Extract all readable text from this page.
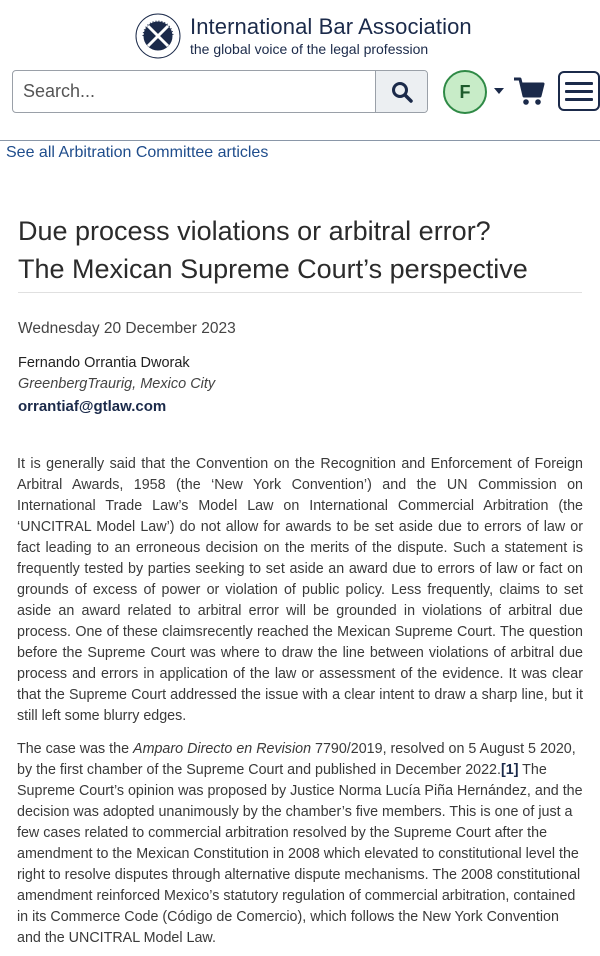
International Bar Association
the global voice of the legal profession
Search...
F
See all Arbitration Committee articles
Due process violations or arbitral error?
The Mexican Supreme Court’s perspective
Wednesday 20 December 2023
Fernando Orrantia Dworak
GreenbergTraurig, Mexico City
orrantiaf@gtlaw.com

It is generally said that the Convention on the Recognition and Enforcement of Foreign Arbitral Awards, 1958 (the ‘New York Convention’) and the UN Commission on International Trade Law’s Model Law on International Commercial Arbitration (the ‘UNCITRAL Model Law’) do not allow for awards to be set aside due to errors of law or fact leading to an erroneous decision on the merits of the dispute. Such a statement is frequently tested by parties seeking to set aside an award due to errors of law or fact on grounds of excess of power or violation of public policy. Less frequently, claims to set aside an award related to arbitral error will be grounded in violations of arbitral due process. One of these claimsrecently reached the Mexican Supreme Court. The question before the Supreme Court was where to draw the line between violations of arbitral due process and errors in application of the law or assessment of the evidence. It was clear that the Supreme Court addressed the issue with a clear intent to draw a sharp line, but it still left some blurry edges.

The case was the Amparo Directo en Revision 7790/2019, resolved on 5 August 5 2020, by the first chamber of the Supreme Court and published in December 2022.[1] The Supreme Court’s opinion was proposed by Justice Norma Lucía Piña Hernández, and the decision was adopted unanimously by the chamber’s five members. This is one of just a few cases related to commercial arbitration resolved by the Supreme Court after the amendment to the Mexican Constitution in 2008 which elevated to constitutional level the right to resolve disputes through alternative dispute mechanisms. The 2008 constitutional amendment reinforced Mexico’s statutory regulation of commercial arbitration, contained in its Commerce Code (Código de Comercio), which follows the New York Convention and the UNCITRAL Model Law.
